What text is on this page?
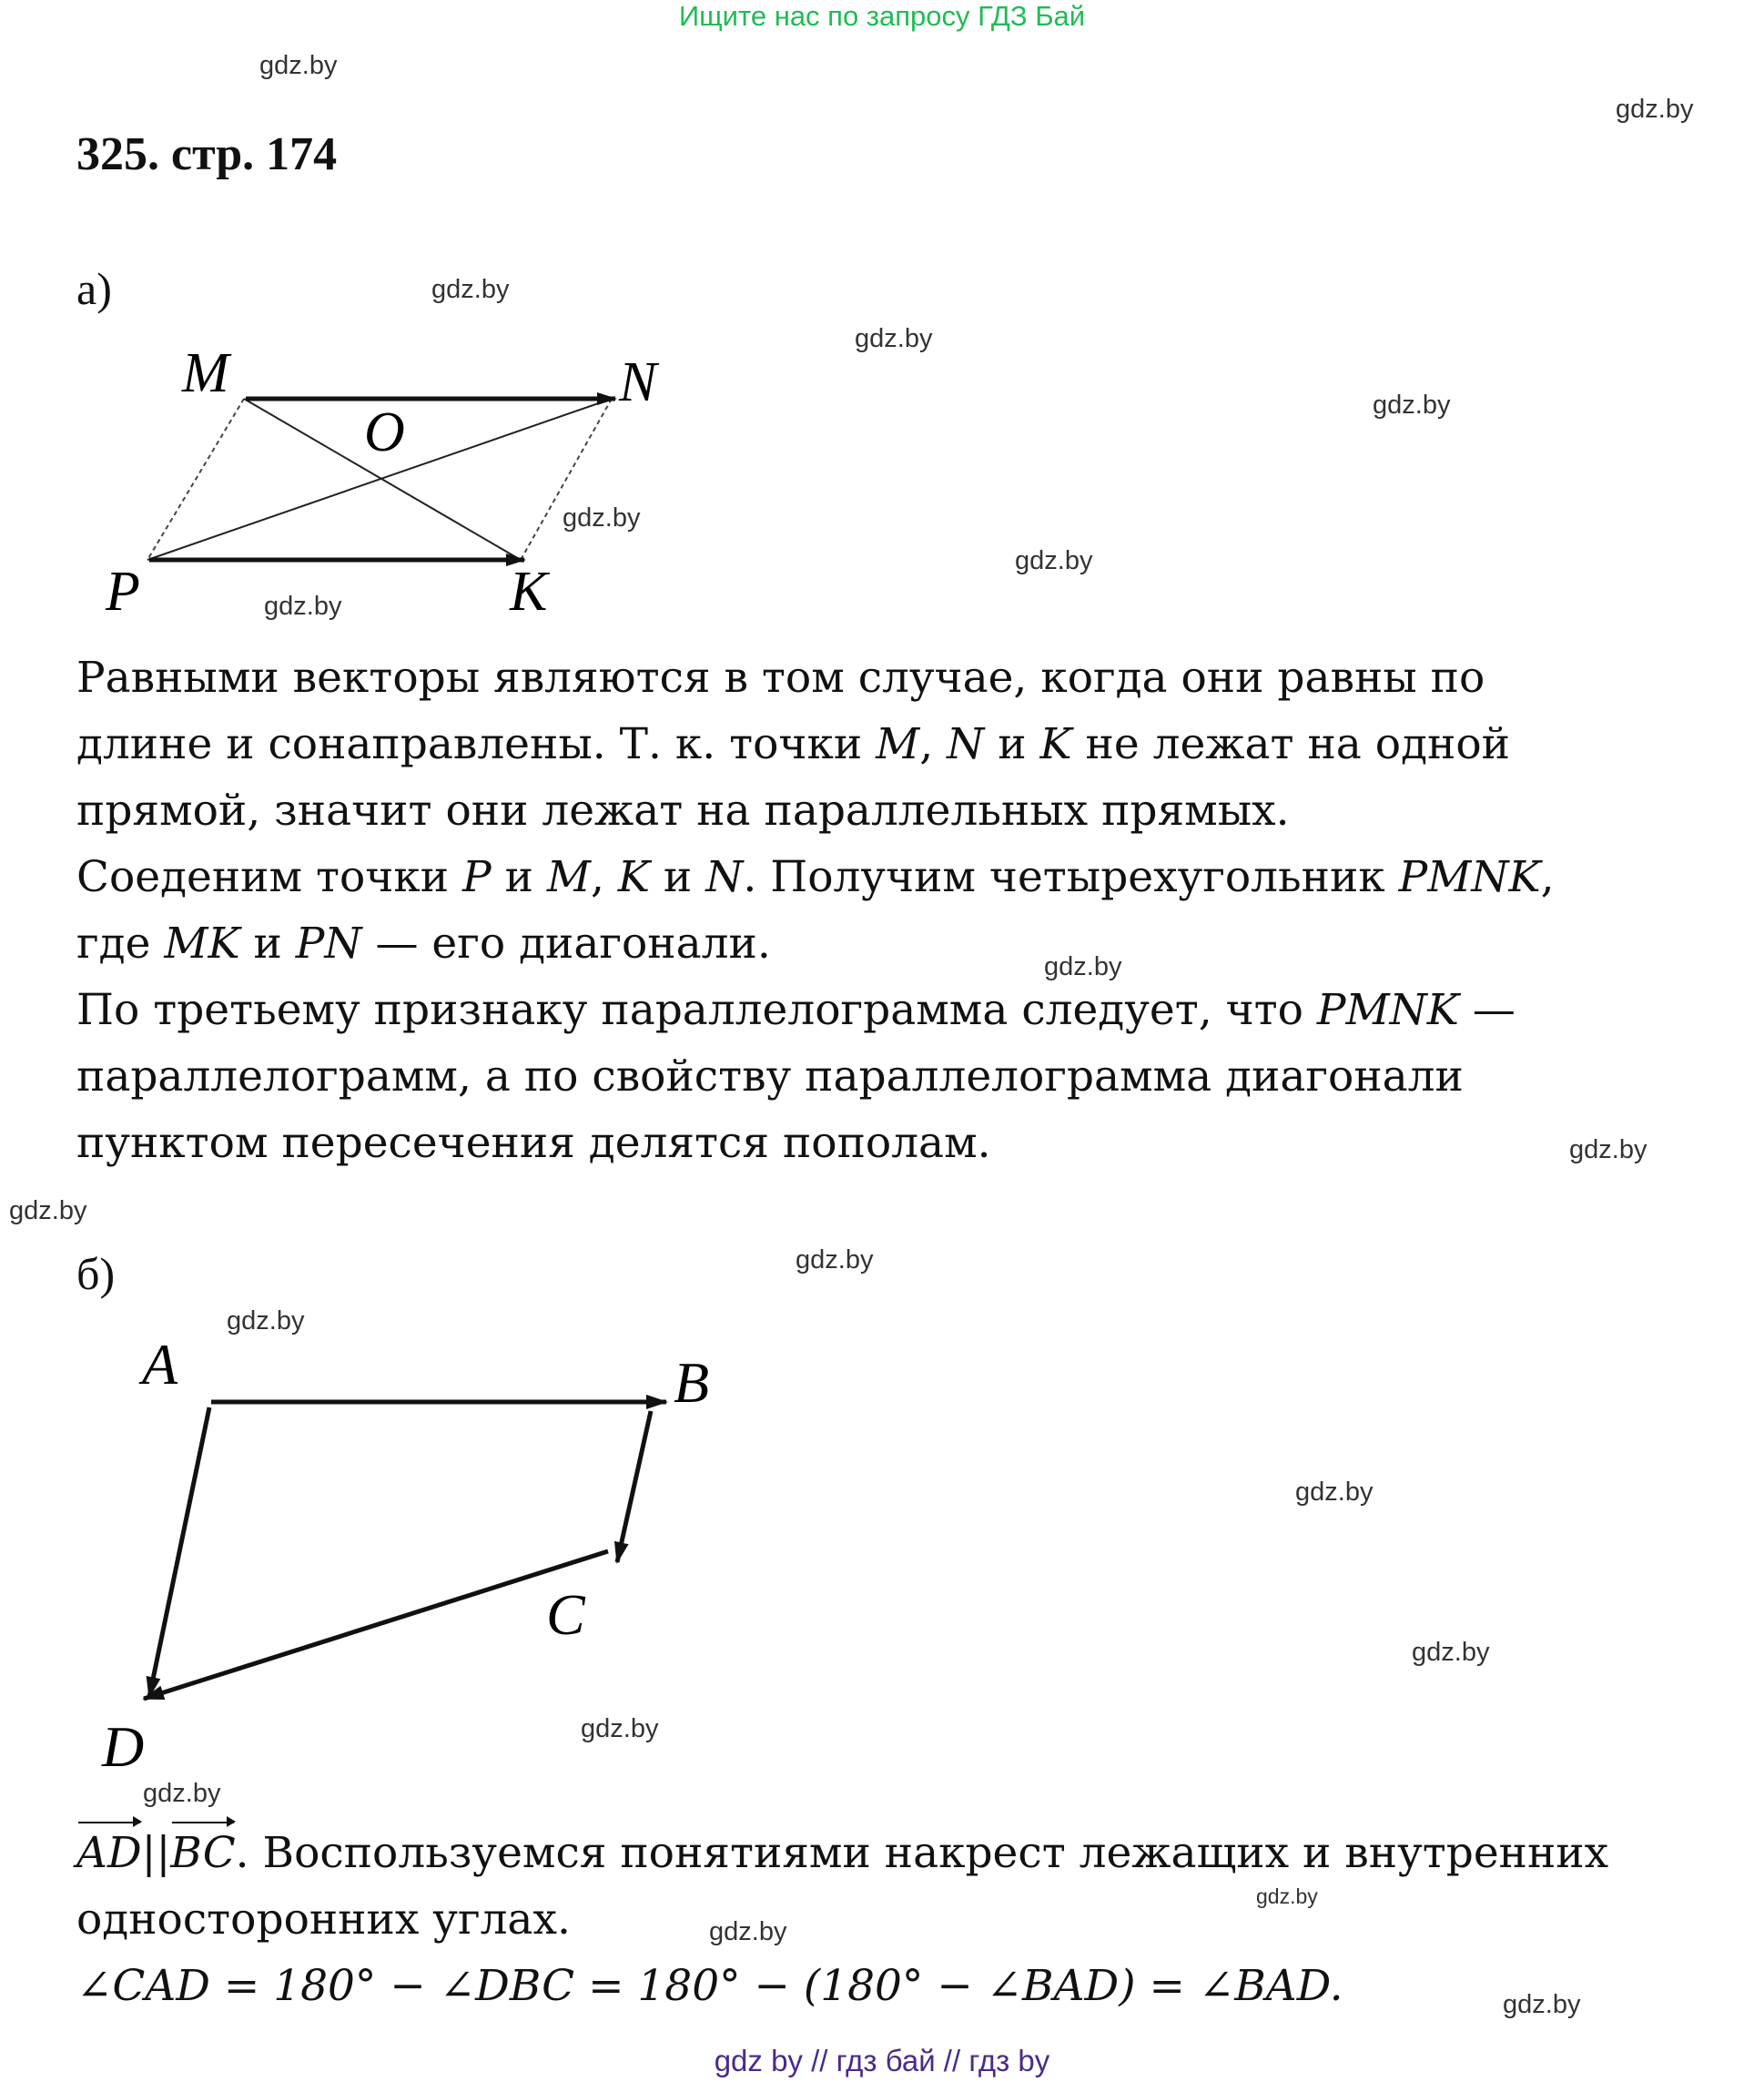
Ищите нас по запросу ГДЗ Бай
gdz.by
gdz.by
gdz.by
gdz.by
gdz.by
gdz.by
gdz.by
gdz.by
gdz.by
gdz.by
gdz.by
gdz.by
gdz.by
gdz.by
gdz.by
gdz.by
gdz.by
gdz.by
gdz.by
gdz.by
325. стр. 174
а)
M	N
O
P	K
Равными векторы являются в том случае, когда они равны по
длине и сонаправлены. Т. к. точки M, N и K не лежат на одной
прямой, значит они лежат на параллельных прямых.
Соеденим точки P и M, K и N. Получим четырехугольник PMNK,
где MK и PN — его диагонали.
По третьему признаку параллелограмма следует, что PMNK —
параллелограмм, а по свойству параллелограмма диагонали
пунктом пересечения делятся пополам.
б)
A	B
C
D
AD||BC. Воспользуемся понятиями накрест лежащих и внутренних
односторонних углах.
∠CAD = 180° − ∠DBC = 180° − (180° − ∠BAD) = ∠BAD.
gdz by // гдз бай // гдз by
